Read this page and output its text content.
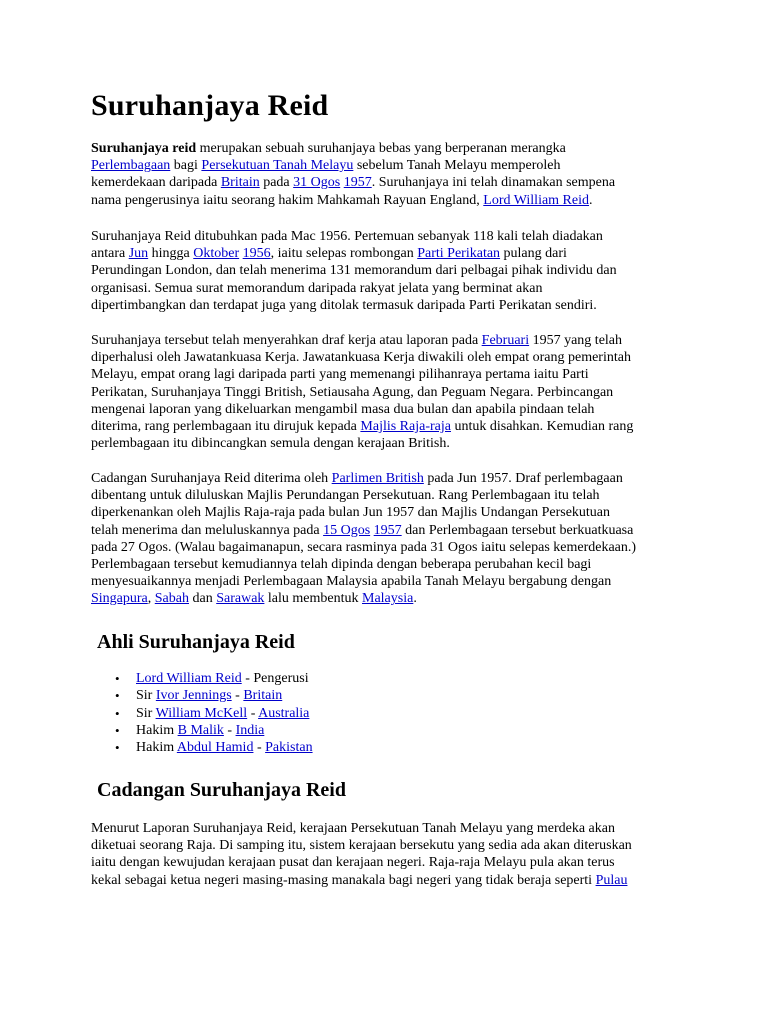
Suruhanjaya Reid
Suruhanjaya reid merupakan sebuah suruhanjaya bebas yang berperanan merangka
Perlembagaan bagi Persekutuan Tanah Melayu sebelum Tanah Melayu memperoleh
kemerdekaan daripada Britain pada 31 Ogos 1957. Suruhanjaya ini telah dinamakan sempena
nama pengerusinya iaitu seorang hakim Mahkamah Rayuan England, Lord William Reid.
Suruhanjaya Reid ditubuhkan pada Mac 1956. Pertemuan sebanyak 118 kali telah diadakan
antara Jun hingga Oktober 1956, iaitu selepas rombongan Parti Perikatan pulang dari
Perundingan London, dan telah menerima 131 memorandum dari pelbagai pihak individu dan
organisasi. Semua surat memorandum daripada rakyat jelata yang berminat akan
dipertimbangkan dan terdapat juga yang ditolak termasuk daripada Parti Perikatan sendiri.
Suruhanjaya tersebut telah menyerahkan draf kerja atau laporan pada Februari 1957 yang telah
diperhalusi oleh Jawatankuasa Kerja. Jawatankuasa Kerja diwakili oleh empat orang pemerintah
Melayu, empat orang lagi daripada parti yang memenangi pilihanraya pertama iaitu Parti
Perikatan, Suruhanjaya Tinggi British, Setiausaha Agung, dan Peguam Negara. Perbincangan
mengenai laporan yang dikeluarkan mengambil masa dua bulan dan apabila pindaan telah
diterima, rang perlembagaan itu dirujuk kepada Majlis Raja-raja untuk disahkan. Kemudian rang
perlembagaan itu dibincangkan semula dengan kerajaan British.
Cadangan Suruhanjaya Reid diterima oleh Parlimen British pada Jun 1957. Draf perlembagaan
dibentang untuk diluluskan Majlis Perundangan Persekutuan. Rang Perlembagaan itu telah
diperkenankan oleh Majlis Raja-raja pada bulan Jun 1957 dan Majlis Undangan Persekutuan
telah menerima dan meluluskannya pada 15 Ogos 1957 dan Perlembagaan tersebut berkuatkuasa
pada 27 Ogos. (Walau bagaimanapun, secara rasminya pada 31 Ogos iaitu selepas kemerdekaan.)
Perlembagaan tersebut kemudiannya telah dipinda dengan beberapa perubahan kecil bagi
menyesuaikannya menjadi Perlembagaan Malaysia apabila Tanah Melayu bergabung dengan
Singapura, Sabah dan Sarawak lalu membentuk Malaysia.
Ahli Suruhanjaya Reid
• Lord William Reid - Pengerusi
• Sir Ivor Jennings - Britain
• Sir William McKell - Australia
• Hakim B Malik - India
• Hakim Abdul Hamid - Pakistan
Cadangan Suruhanjaya Reid
Menurut Laporan Suruhanjaya Reid, kerajaan Persekutuan Tanah Melayu yang merdeka akan
diketuai seorang Raja. Di samping itu, sistem kerajaan bersekutu yang sedia ada akan diteruskan
iaitu dengan kewujudan kerajaan pusat dan kerajaan negeri. Raja-raja Melayu pula akan terus
kekal sebagai ketua negeri masing-masing manakala bagi negeri yang tidak beraja seperti Pulau
